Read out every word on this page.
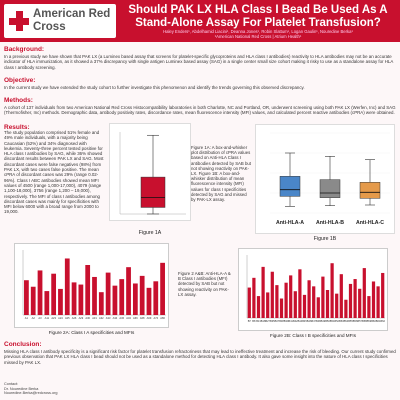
American Red Cross
Should PAK LX HLA Class I Bead Be Used As A Stand-Alone Assay For Platelet Transfusion?
Haley Enders¹, Abdelhamid Liacini¹, Deanna Jones¹, Robin Slattum¹, Logan Gaulin¹, Nouredine Berka¹
¹American National Red Cross | Atrium Health¹
Background:

In a previous study we have shown that PAK LX (a Luminex based assay that screens for platelet-specific glycoproteins and HLA class I antibodies) reactivity to HLA antibodies may not be an accurate indicator of HLA immunization, as it showed a 37% discrepancy with single antigen Luminex based assay (SAG) in a single center small size cohort making it risky to use as a standalone assay for HLA class I antibody screening.

Objective:

In the current study we have extended the study cohort to further investigate this phenomenon and identify the trends governing this observed discrepancy.

Methods:

A cohort of 137 individuals from two American National Red Cross Histocompatibility laboratories in both Charlotte, NC and Portland, OR, underwent screening using both PAK LX (Werfen, Inc) and SAG (Thermofisher, Inc) methods. Demographic data, antibody positivity rates, discordance rates, mean fluorescence intensity (MFI) values, and calculated percent reactive antibodies (cPRA) were obtained.

Results:
The study population comprised 51% female and 49% male individuals, with a majority being Caucasian (52%) and 34% diagnosed with leukemia. Seventy-three percent tested positive for HLA class I antibodies by SAG, while 36% showed discordant results between PAK LX and SAG. Most discordant cases were false negatives (98%) from PAK LX, with two cases false positive. The mean cPRA of discordant cases was 29% (range 0.02-96%). Class I ABC antibodies showed mean MFI values of 4500 (range 1,000-17,000), 4079 (range 1,100-18,000), 3756 (range 1,200 – 19,000), respectively. The MFI of class I antibodies among discordant cases was mainly for specificities with MFI below 6000 with a broad range from 2000 to 19,000.
Figure 1A
Figure 1A: A box-and-whisker plot distribution of cPRA values based on Anti-HLA Class I antibodies detected by SAB but not showing reactivity on PAK-LX. Figure 1B: A box-and-whisker distribution of mean fluorescence intensity (MFI) values for class I specificities detected by SAG and missed by PAK-LX assay.
Anti-HLA-A Anti-HLA-B Anti-HLA-C
Figure 1B
A1 A2 A3 A11 A23 A24 A25 A26 A29 A30 A31 A32 A33 A34 A36 A43 A66 A68 A69 A74 A80
Figure 2A: Class I A specificities and MFIs
Figure 2 A&B: Anti-HLA-A & B Class I antibodies (MFI) detected by SAB but not showing reactivity on PAK-LX assay.
B7 B8 B13 B18 B27 B35 B37 B38 B39 B41 B42 B44 B45 B46 B47 B48 B49 B50 B51 B52 B53 B54 B55 B56 B57 B58 B59 B60 B61 B62
Figure 2B: Class I B specificities and MFIs
Conclusion:

Missing HLA class I antibody specificity is a significant risk factor for platelet transfusion refractoriness that may lead to ineffective treatment and increase the risk of bleeding. Our current study confirmed previous observation that PAK LX HLA class I bead should not be used as a standalone method for detecting HLA class I antibody. It also gave some insight into the nature of HLA class I specificities missed by PAK LX.

Contact:
Dr. Nouredine Berka
Nouredine.Berka@redcross.org
